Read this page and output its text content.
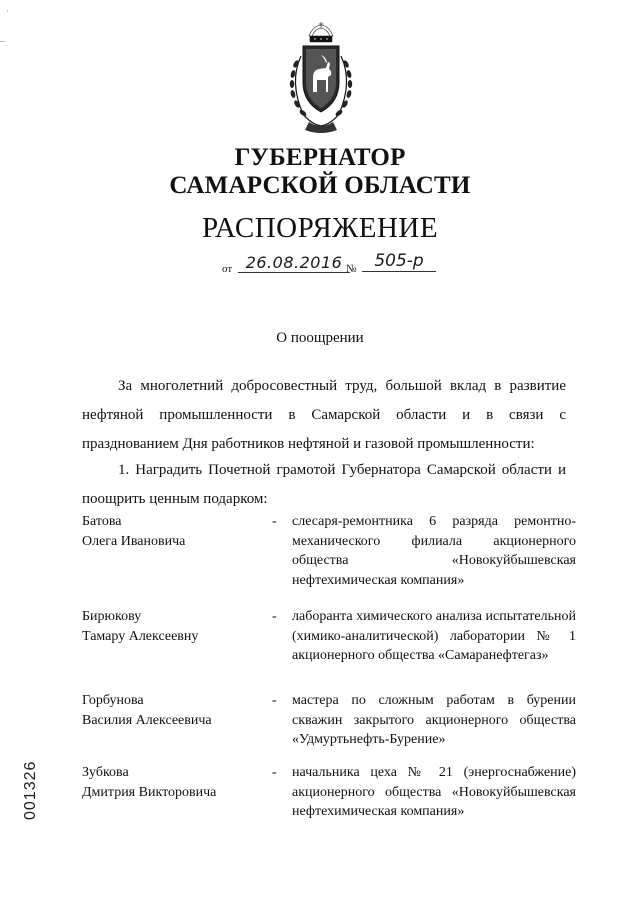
·
–
ГУБЕРНАТОР
САМАРСКОЙ ОБЛАСТИ
РАСПОРЯЖЕНИЕ
от 26.08.2016 №	505-р
О поощрении
За многолетний добросовестный труд, большой вклад в развитие нефтяной промышленности в Самарской области и в связи с празднованием Дня работников нефтяной и газовой промышленности:
1. Наградить Почетной грамотой Губернатора Самарской области и поощрить ценным подарком:
Батова
Олега Ивановича
- слесаря-ремонтника 6 разряда ремонтно-механического филиала акционерного общества «Новокуйбышевская нефтехимическая компания»
Бирюкову
Тамару Алексеевну
- лаборанта химического анализа испытательной (химико-аналитической) лаборатории № 1 акционерного общества «Самаранефтегаз»
Горбунова
Василия Алексеевича
- мастера по сложным работам в бурении скважин закрытого акционерного общества «Удмуртьнефть-Бурение»
Зубкова
Дмитрия Викторовича
- начальника цеха № 21 (энергоснабжение) акционерного общества «Новокуйбышевская нефтехимическая компания»
001326
